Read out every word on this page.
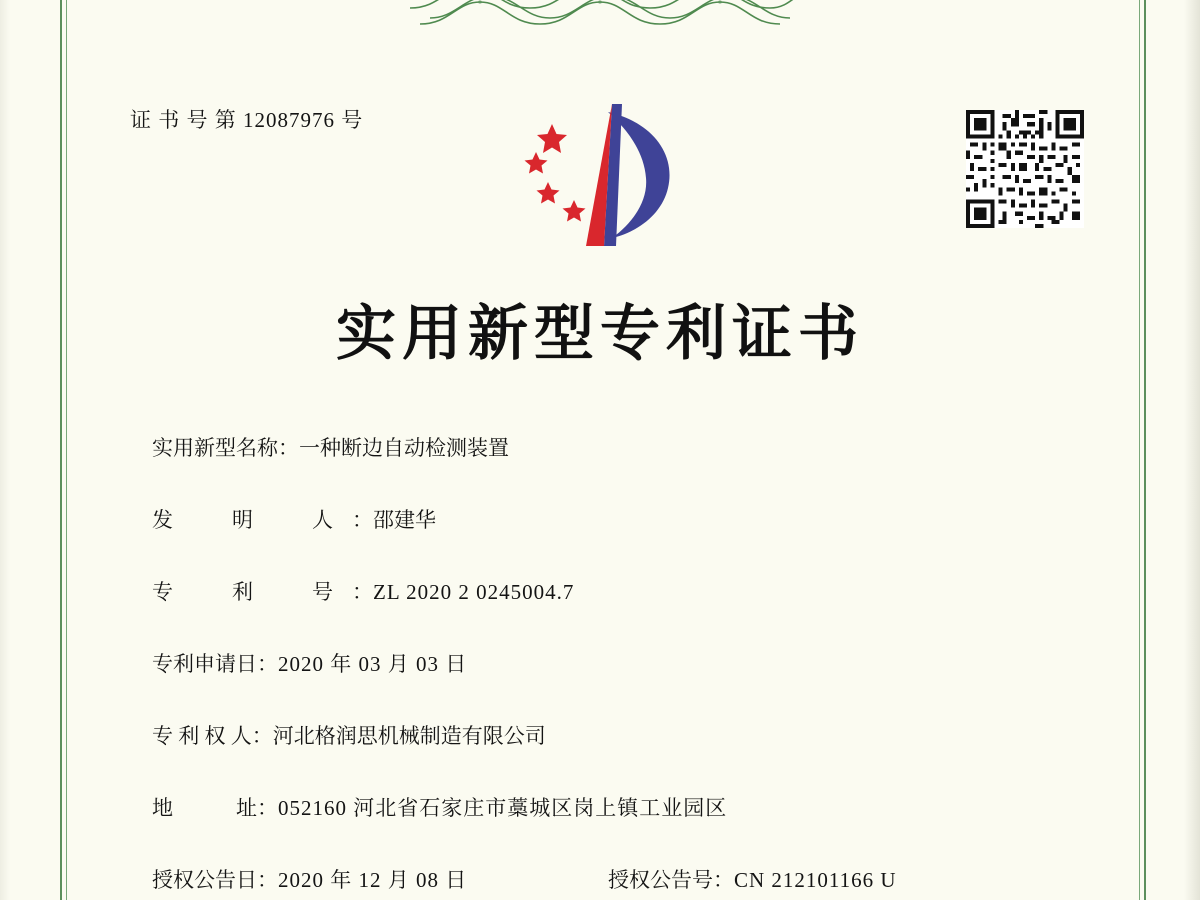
证 书 号 第 12087976 号
实用新型专利证书
实用新型名称：一种断边自动检测装置
发　明　人：邵建华
专　利　号：ZL 2020 2 0245004.7
专利申请日：2020 年 03 月 03 日
专 利 权 人：河北格润思机械制造有限公司
地　　　址：052160 河北省石家庄市藁城区岗上镇工业园区
授权公告日：2020 年 12 月 08 日	授权公告号：CN 212101166 U
